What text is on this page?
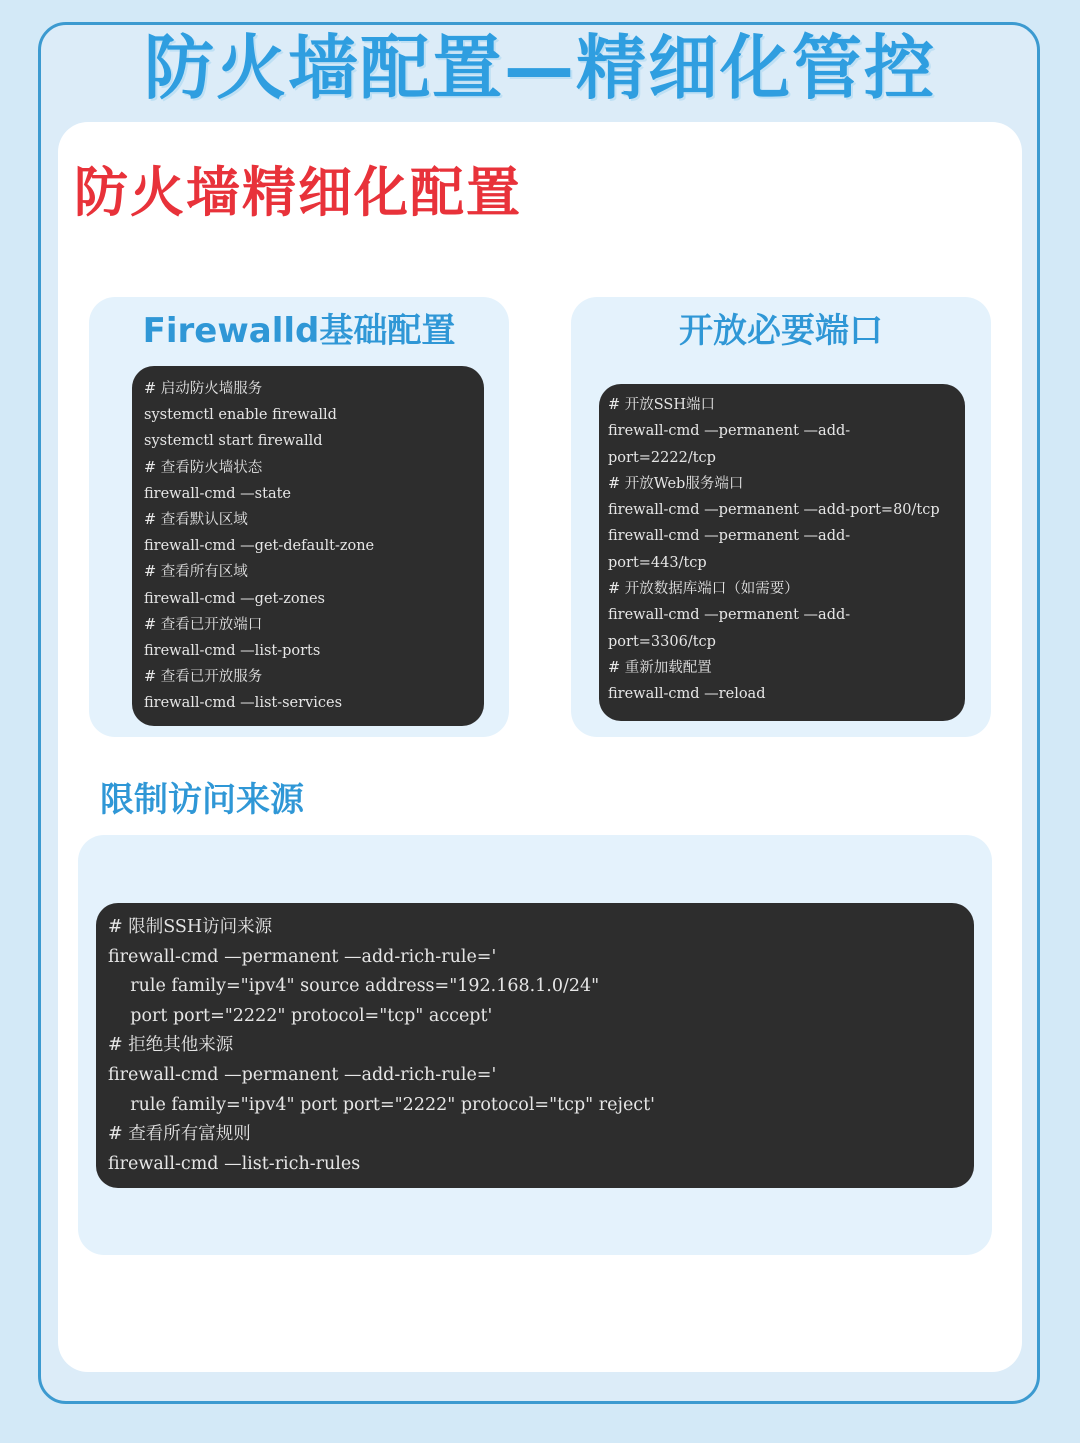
防火墙配置—精细化管控
防火墙精细化配置
Firewalld基础配置
# 启动防火墙服务
systemctl enable firewalld
systemctl start firewalld
# 查看防火墙状态
firewall-cmd —state
# 查看默认区域
firewall-cmd —get-default-zone
# 查看所有区域
firewall-cmd —get-zones
# 查看已开放端口
firewall-cmd —list-ports
# 查看已开放服务
firewall-cmd —list-services
开放必要端口
# 开放SSH端口
firewall-cmd —permanent —add-
port=2222/tcp
# 开放Web服务端口
firewall-cmd —permanent —add-port=80/tcp
firewall-cmd —permanent —add-
port=443/tcp
# 开放数据库端口（如需要）
firewall-cmd —permanent —add-
port=3306/tcp
# 重新加载配置
firewall-cmd —reload
限制访问来源
# 限制SSH访问来源
firewall-cmd —permanent —add-rich-rule='
rule family="ipv4" source address="192.168.1.0/24"
port port="2222" protocol="tcp" accept'
# 拒绝其他来源
firewall-cmd —permanent —add-rich-rule='
rule family="ipv4" port port="2222" protocol="tcp" reject'
# 查看所有富规则
firewall-cmd —list-rich-rules
